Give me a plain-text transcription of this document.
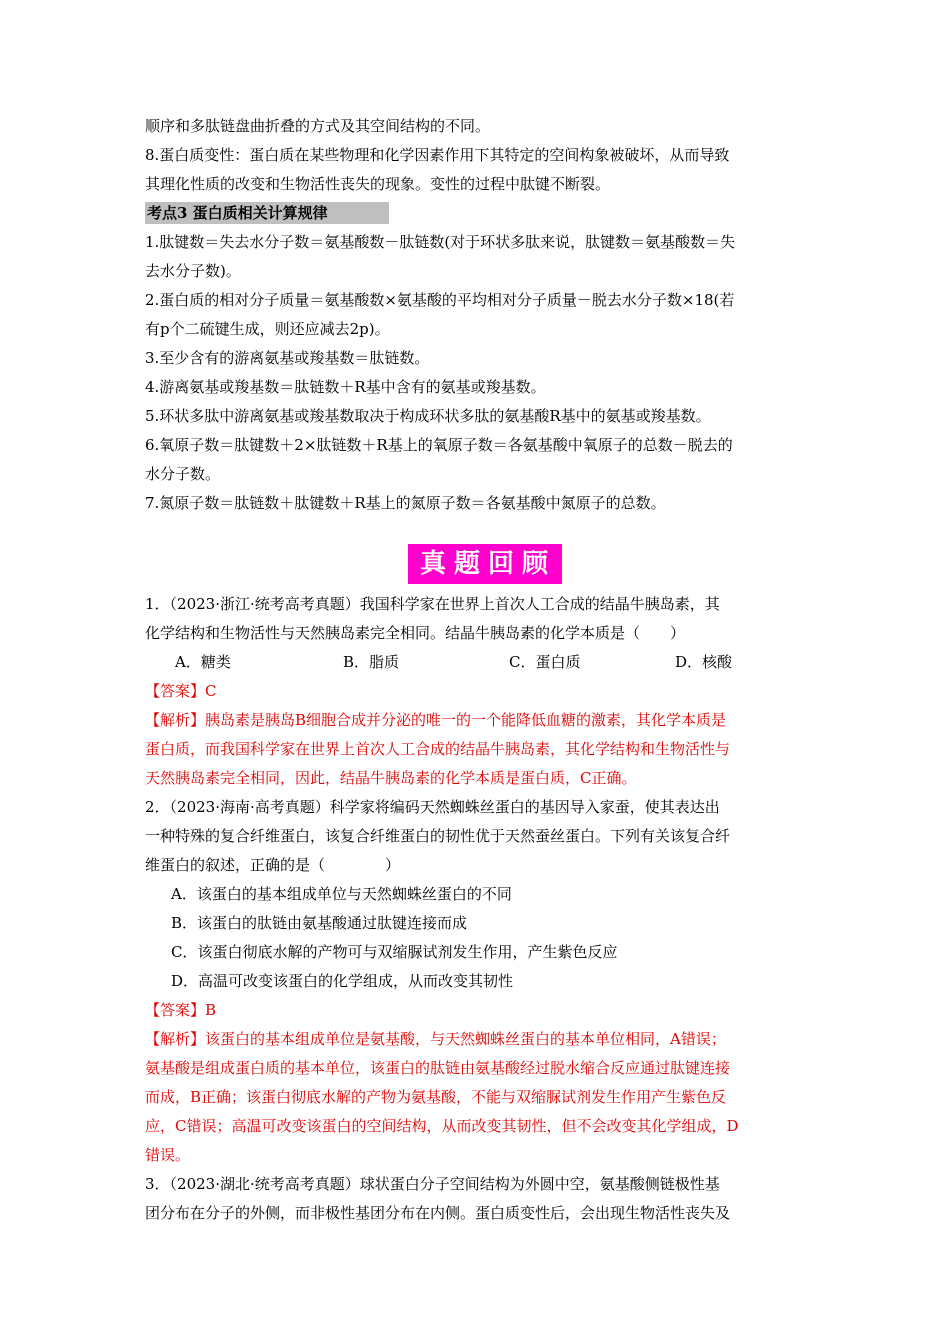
顺序和多肽链盘曲折叠的方式及其空间结构的不同。

8.蛋白质变性：蛋白质在某些物理和化学因素作用下其特定的空间构象被破坏，从而导致

其理化性质的改变和生物活性丧失的现象。变性的过程中肽键不断裂。

考点3 蛋白质相关计算规律

1.肽键数＝失去水分子数＝氨基酸数－肽链数(对于环状多肽来说，肽键数＝氨基酸数＝失

去水分子数)。

2.蛋白质的相对分子质量＝氨基酸数×氨基酸的平均相对分子质量－脱去水分子数×18(若

有p个二硫键生成，则还应减去2p)。

3.至少含有的游离氨基或羧基数＝肽链数。

4.游离氨基或羧基数＝肽链数＋R基中含有的氨基或羧基数。

5.环状多肽中游离氨基或羧基数取决于构成环状多肽的氨基酸R基中的氨基或羧基数。

6.氧原子数＝肽键数＋2×肽链数＋R基上的氧原子数＝各氨基酸中氧原子的总数－脱去的

水分子数。

7.氮原子数＝肽链数＋肽键数＋R基上的氮原子数＝各氨基酸中氮原子的总数。

真题回顾

1．（2023·浙江·统考高考真题）我国科学家在世界上首次人工合成的结晶牛胰岛素，其

化学结构和生物活性与天然胰岛素完全相同。结晶牛胰岛素的化学本质是（　　）

A．糖类	B．脂质	C．蛋白质	D．核酸

【答案】C

【解析】胰岛素是胰岛B细胞合成并分泌的唯一的一个能降低血糖的激素，其化学本质是

蛋白质，而我国科学家在世界上首次人工合成的结晶牛胰岛素，其化学结构和生物活性与

天然胰岛素完全相同，因此，结晶牛胰岛素的化学本质是蛋白质，C正确。

2．（2023·海南·高考真题）科学家将编码天然蜘蛛丝蛋白的基因导入家蚕，使其表达出

一种特殊的复合纤维蛋白，该复合纤维蛋白的韧性优于天然蚕丝蛋白。下列有关该复合纤

维蛋白的叙述，正确的是（　　　　）

A．该蛋白的基本组成单位与天然蜘蛛丝蛋白的不同

B．该蛋白的肽链由氨基酸通过肽键连接而成

C．该蛋白彻底水解的产物可与双缩脲试剂发生作用，产生紫色反应

D．高温可改变该蛋白的化学组成，从而改变其韧性

【答案】B

【解析】该蛋白的基本组成单位是氨基酸，与天然蜘蛛丝蛋白的基本单位相同，A错误；

氨基酸是组成蛋白质的基本单位，该蛋白的肽链由氨基酸经过脱水缩合反应通过肽键连接

而成，B正确；该蛋白彻底水解的产物为氨基酸，不能与双缩脲试剂发生作用产生紫色反

应，C错误；高温可改变该蛋白的空间结构，从而改变其韧性，但不会改变其化学组成，D

错误。

3．（2023·湖北·统考高考真题）球状蛋白分子空间结构为外圆中空，氨基酸侧链极性基

团分布在分子的外侧，而非极性基团分布在内侧。蛋白质变性后，会出现生物活性丧失及
